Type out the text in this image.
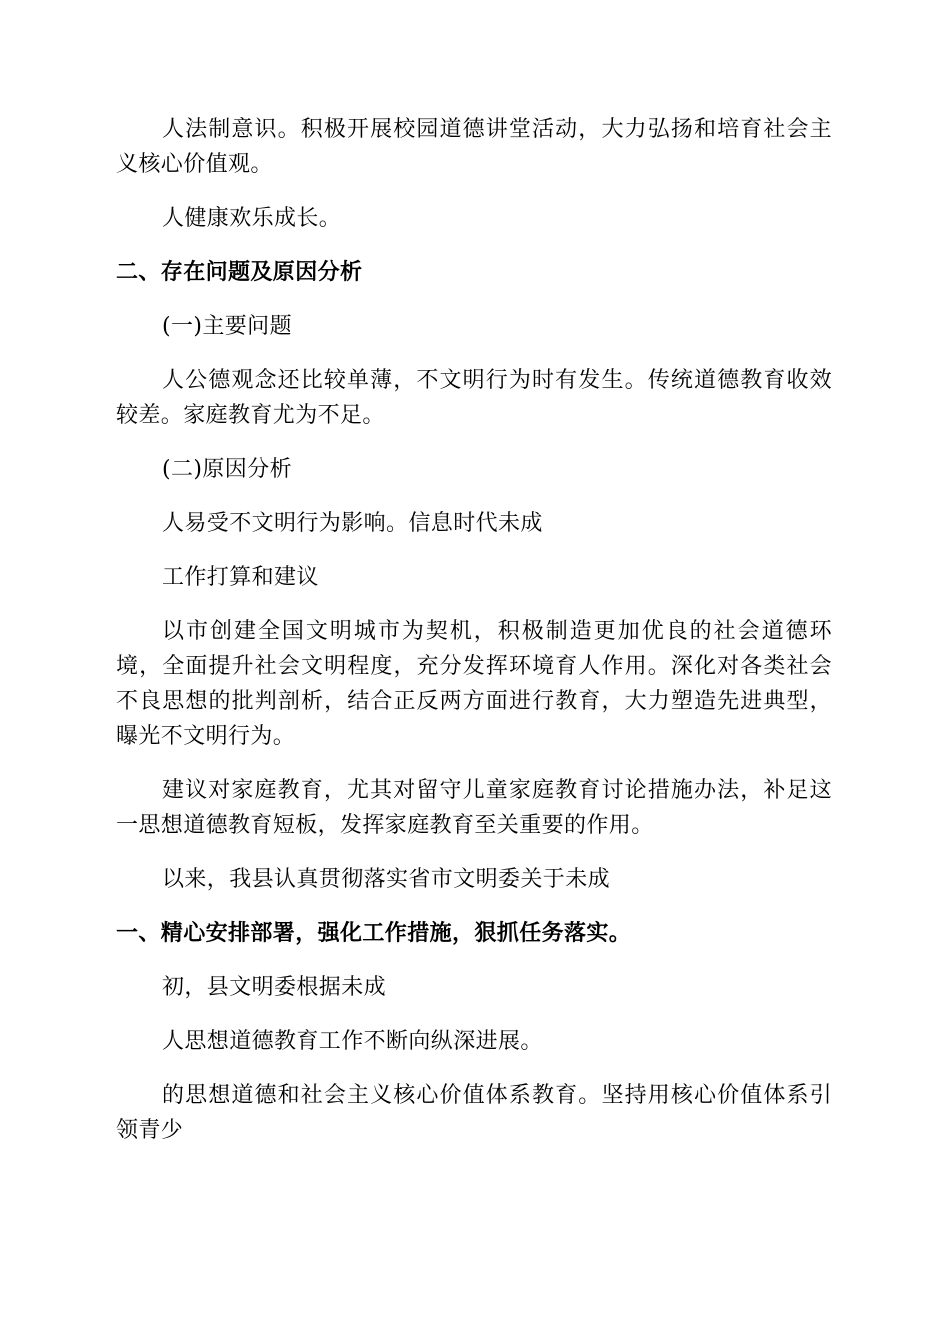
人法制意识。积极开展校园道德讲堂活动，大力弘扬和培育社会主义核心价值观。

人健康欢乐成长。

二、存在问题及原因分析

(一)主要问题

人公德观念还比较单薄，不文明行为时有发生。传统道德教育收效较差。家庭教育尤为不足。

(二)原因分析

人易受不文明行为影响。信息时代未成

工作打算和建议

以市创建全国文明城市为契机，积极制造更加优良的社会道德环境，全面提升社会文明程度，充分发挥环境育人作用。深化对各类社会不良思想的批判剖析，结合正反两方面进行教育，大力塑造先进典型，曝光不文明行为。

建议对家庭教育，尤其对留守儿童家庭教育讨论措施办法，补足这一思想道德教育短板，发挥家庭教育至关重要的作用。

以来，我县认真贯彻落实省市文明委关于未成

一、精心安排部署，强化工作措施，狠抓任务落实。

初，县文明委根据未成

人思想道德教育工作不断向纵深进展。

的思想道德和社会主义核心价值体系教育。坚持用核心价值体系引领青少
